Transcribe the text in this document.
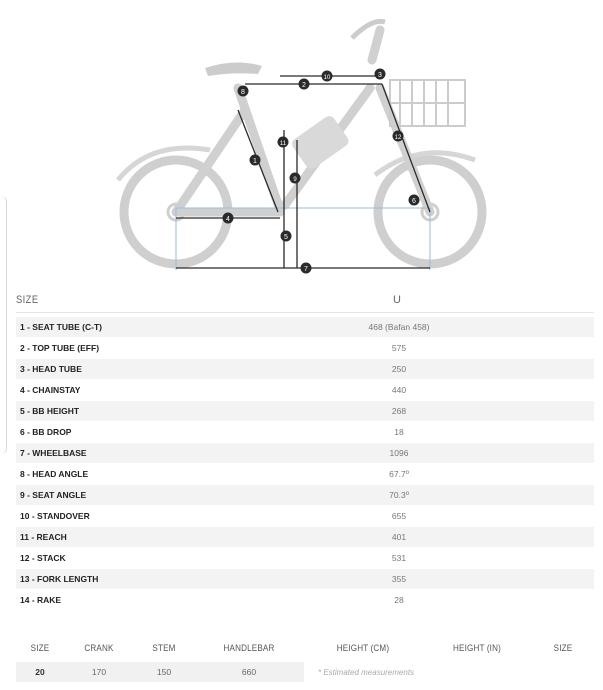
1
2
3
4
5
6
7
8
9
10
11
12
SIZE	U
1 - SEAT TUBE (C-T)	468 (Bafan 458)
2 - TOP TUBE (EFF)	575
3 - HEAD TUBE	250
4 - CHAINSTAY	440
5 - BB HEIGHT	268
6 - BB DROP	18
7 - WHEELBASE	1096
8 - HEAD ANGLE	67.7º
9 - SEAT ANGLE	70.3º
10 - STANDOVER	655
11 - REACH	401
12 - STACK	531
13 - FORK LENGTH	355
14 - RAKE	28
SIZE	CRANK	STEM	HANDLEBAR	HEIGHT (CM)	HEIGHT (IN)	SIZE
20	170	150	660	* Estimated measurements
